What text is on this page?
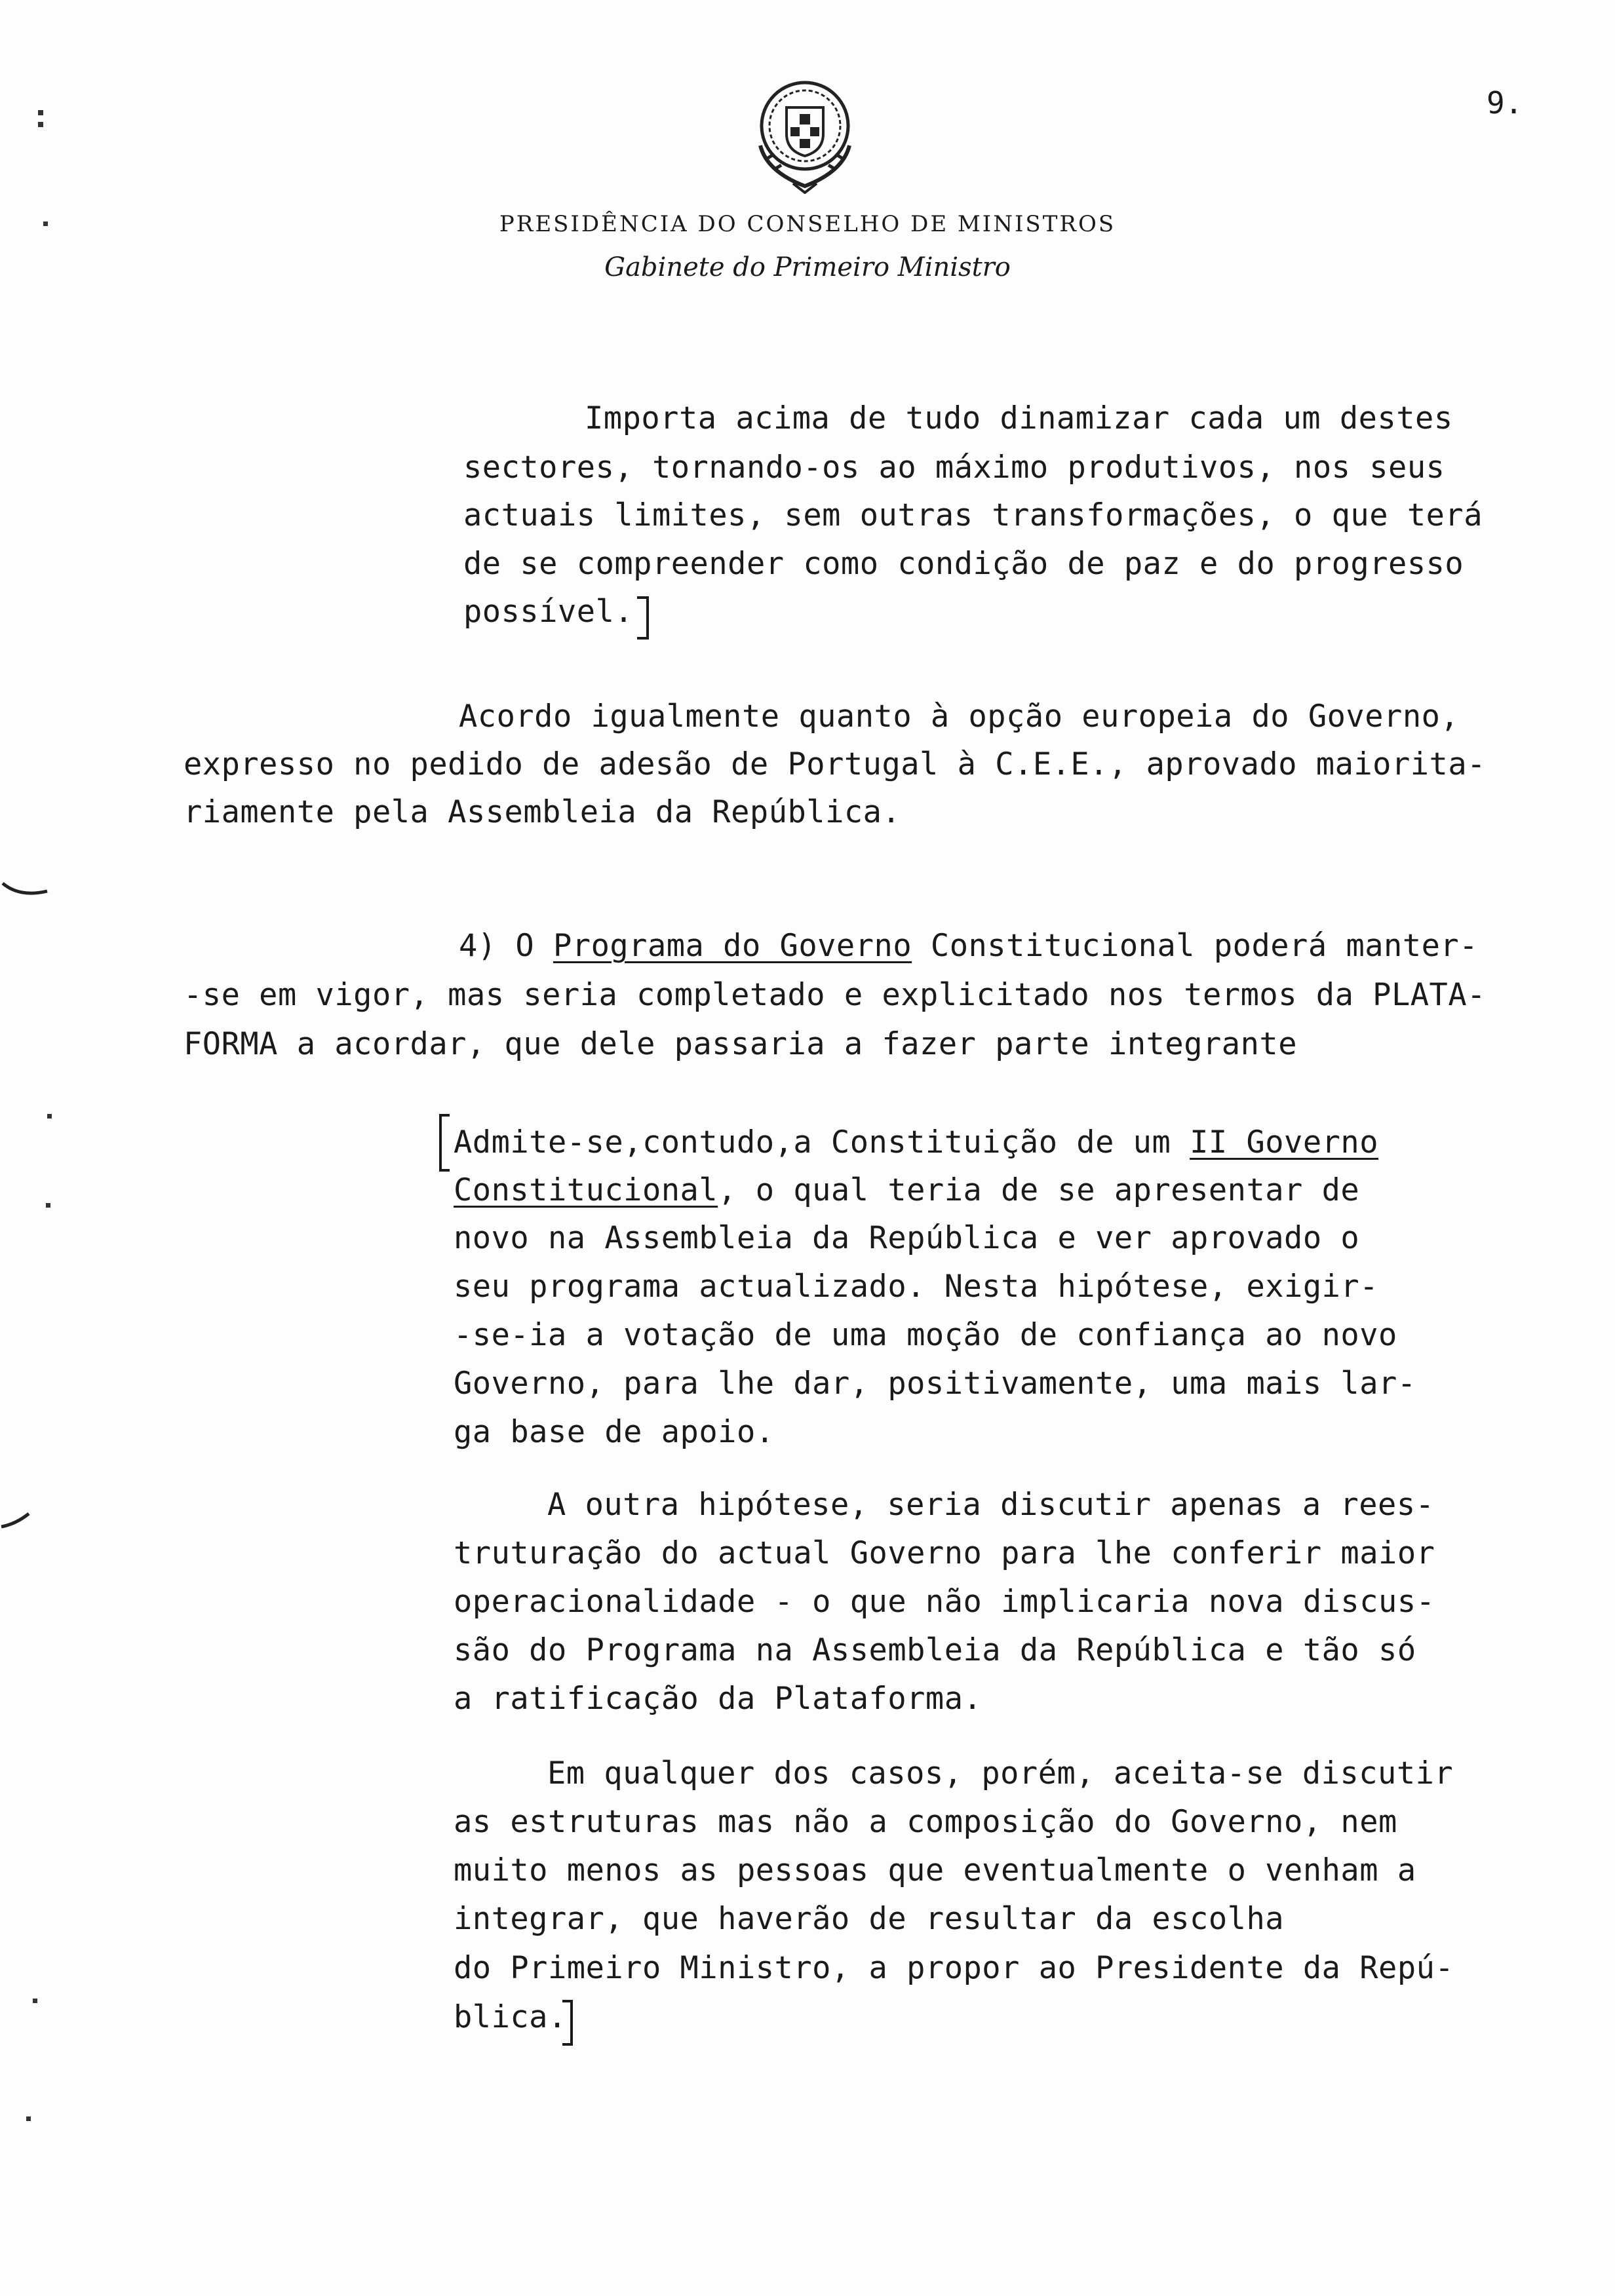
9.
PRESIDÊNCIA DO CONSELHO DE MINISTROS
Gabinete do Primeiro Ministro
Importa acima de tudo dinamizar cada um destes
sectores, tornando-os ao máximo produtivos, nos seus
actuais limites, sem outras transformações, o que terá
de se compreender como condição de paz e do progresso
possível.
Acordo igualmente quanto à opção europeia do Governo,
expresso no pedido de adesão de Portugal à C.E.E., aprovado maiorita-
riamente pela Assembleia da República.
4) O Programa do Governo Constitucional poderá manter-
-se em vigor, mas seria completado e explicitado nos termos da PLATA-
FORMA a acordar, que dele passaria a fazer parte integrante
Admite-se,contudo,a Constituição de um II Governo
Constitucional, o qual teria de se apresentar de
novo na Assembleia da República e ver aprovado o
seu programa actualizado. Nesta hipótese, exigir-
-se-ia a votação de uma moção de confiança ao novo
Governo, para lhe dar, positivamente, uma mais lar-
ga base de apoio.
A outra hipótese, seria discutir apenas a rees-
truturação do actual Governo para lhe conferir maior
operacionalidade - o que não implicaria nova discus-
são do Programa na Assembleia da República e tão só
a ratificação da Plataforma.
Em qualquer dos casos, porém, aceita-se discutir
as estruturas mas não a composição do Governo, nem
muito menos as pessoas que eventualmente o venham a
integrar, que haverão de resultar da escolha
do Primeiro Ministro, a propor ao Presidente da Repú-
blica.
